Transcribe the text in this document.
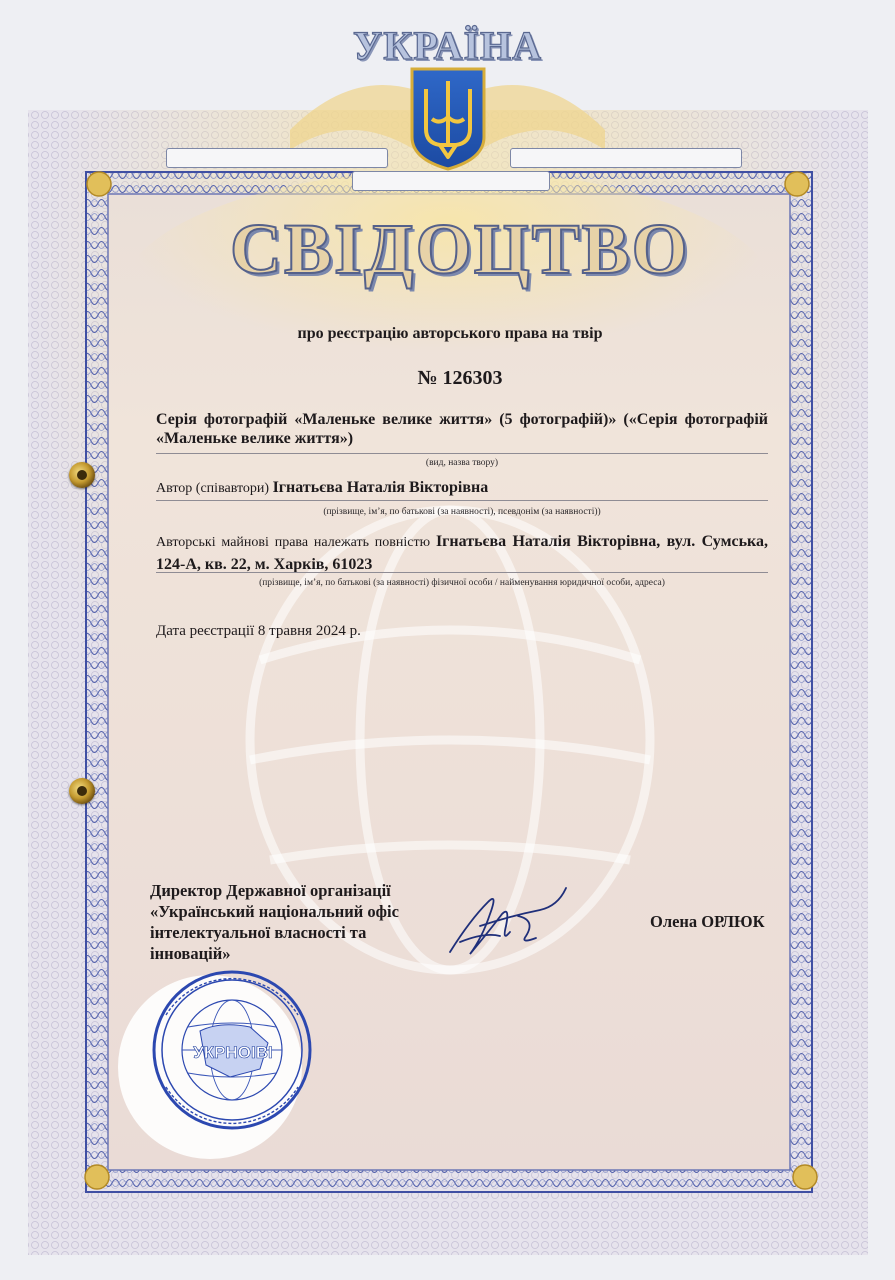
УКРАЇНА
СВІДОЦТВО
про реєстрацію авторського права на твір
№ 126303
Серія фотографій «Маленьке велике життя» (5 фотографій)» («Серія фотографій «Маленьке велике життя»)
(вид, назва твору)
Автор (співавтори) Ігнатьєва Наталія Вікторівна
(прізвище, ім’я, по батькові (за наявності), псевдонім (за наявності))
Авторські майнові права належать повністю Ігнатьєва Наталія Вікторівна, вул. Сумська, 124-А, кв. 22, м. Харків, 61023
(прізвище, ім’я, по батькові (за наявності) фізичної особи / найменування юридичної особи, адреса)
Дата реєстрації 8 травня 2024 р.
Директор Державної організації «Український національний офіс інтелектуальної власності та інновацій»
Олена ОРЛЮК
УКРНОІВІ
